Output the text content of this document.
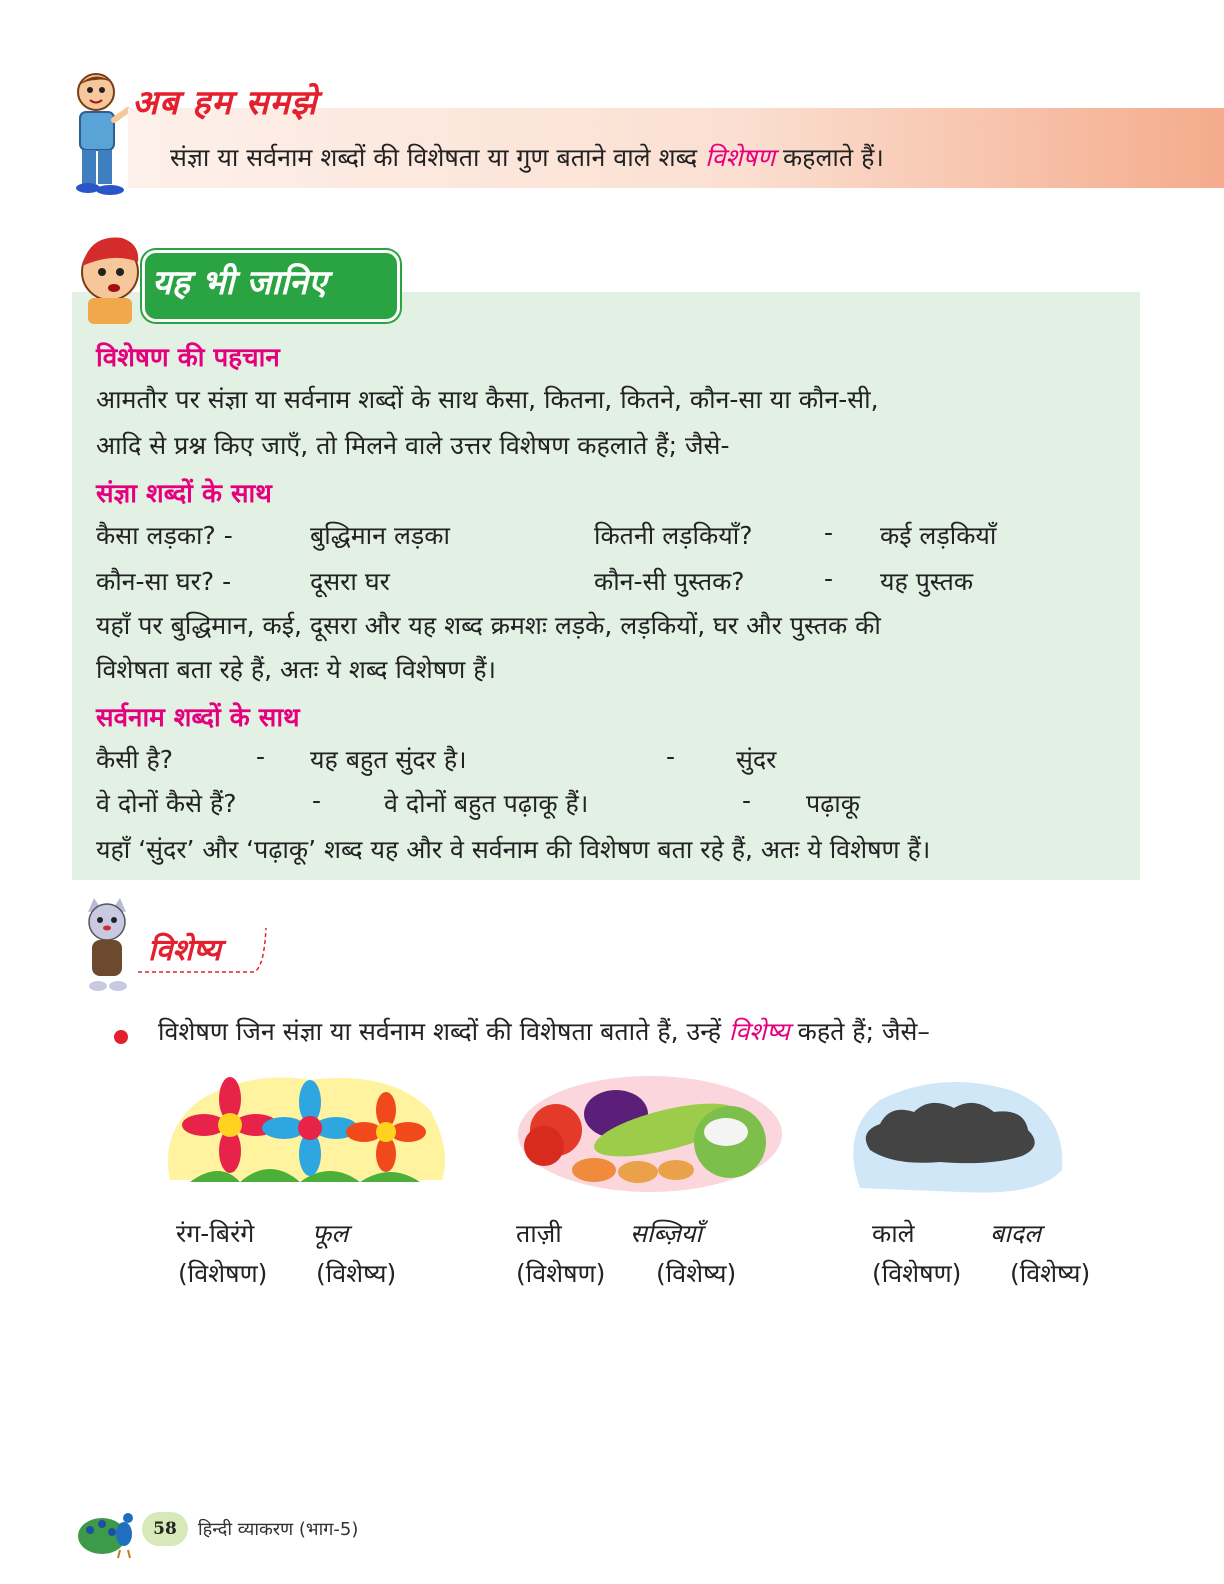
अब हम समझे
संज्ञा या सर्वनाम शब्दों की विशेषता या गुण बताने वाले शब्द विशेषण कहलाते हैं।
यह भी जानिए
विशेषण की पहचान
आमतौर पर संज्ञा या सर्वनाम शब्दों के साथ कैसा, कितना, कितने, कौन-सा या कौन-सी,
आदि से प्रश्न किए जाएँ, तो मिलने वाले उत्तर विशेषण कहलाते हैं; जैसे-
संज्ञा शब्दों के साथ
कैसा लड़का? -	बुद्धिमान लड़का	कितनी लड़कियाँ?	- कई लड़कियाँ
कौन-सा घर? -	दूसरा घर	कौन-सी पुस्तक?	- यह पुस्तक
यहाँ पर बुद्धिमान, कई, दूसरा और यह शब्द क्रमशः लड़के, लड़कियों, घर और पुस्तक की
विशेषता बता रहे हैं, अतः ये शब्द विशेषण हैं।
सर्वनाम शब्दों के साथ
कैसी है?	- यह बहुत सुंदर है।	- सुंदर
वे दोनों कैसे हैं?	-	वे दोनों बहुत पढ़ाकू हैं।	- पढ़ाकू
यहाँ ‘सुंदर’ और ‘पढ़ाकू’ शब्द यह और वे सर्वनाम की विशेषण बता रहे हैं, अतः ये विशेषण हैं।
विशेष्य
विशेषण जिन संज्ञा या सर्वनाम शब्दों की विशेषता बताते हैं, उन्हें विशेष्य कहते हैं; जैसे–
रंग-बिरंगे फूल
(विशेषण) (विशेष्य)
ताज़ी	सब्ज़ियाँ
(विशेषण) (विशेष्य)
काले	बादल
(विशेषण) (विशेष्य)
58	हिन्दी व्याकरण (भाग-5)
